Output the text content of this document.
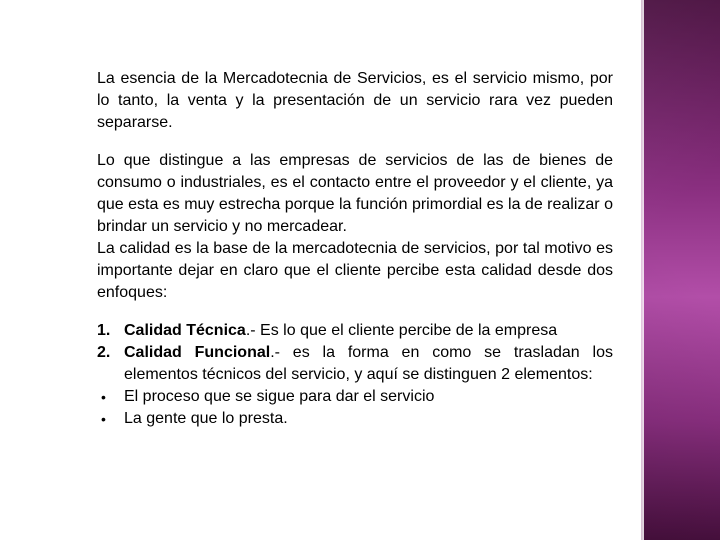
La esencia de la Mercadotecnia de Servicios, es el servicio mismo, por lo tanto, la venta y la presentación de un servicio rara vez pueden separarse.

Lo que distingue a las empresas de servicios de las de bienes de consumo o industriales, es el contacto entre el proveedor y el cliente, ya que esta es muy estrecha porque la función primordial es la de realizar o brindar un servicio y no mercadear.

La calidad es la base de la mercadotecnia de servicios, por tal motivo es importante dejar en claro que el cliente percibe esta calidad desde dos enfoques:

1. Calidad Técnica.- Es lo que el cliente percibe de la empresa
2. Calidad Funcional.- es la forma en como se trasladan los elementos técnicos del servicio, y aquí se distinguen 2 elementos:
•	El proceso que se sigue para dar el servicio
•	La gente que lo presta.
